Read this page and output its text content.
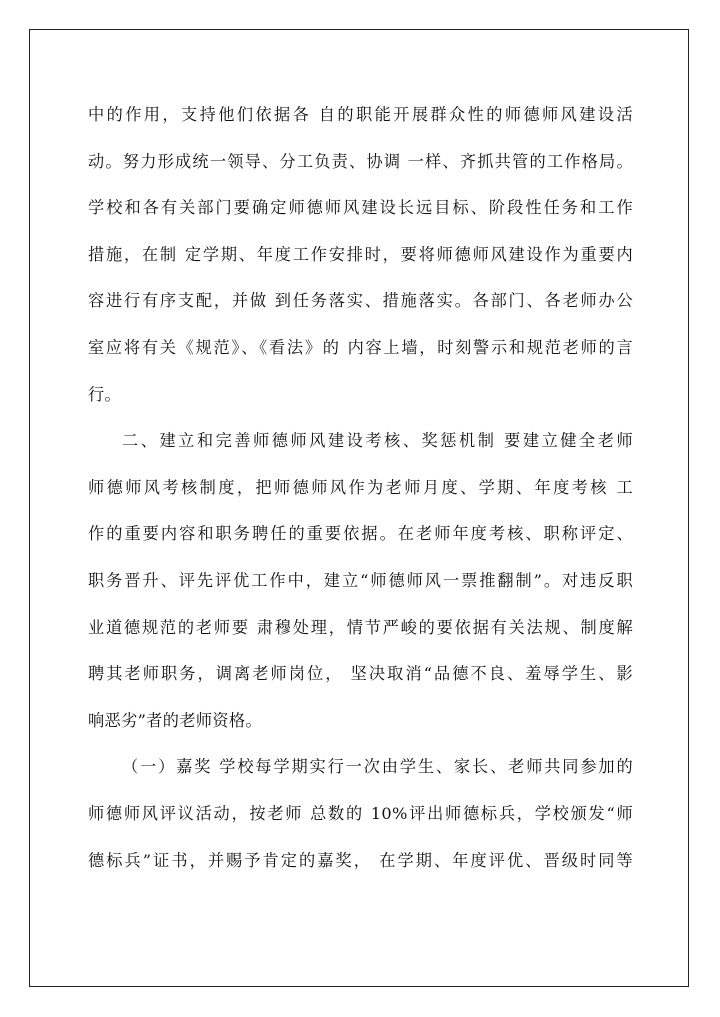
中的作用，支持他们依据各 自的职能开展群众性的师德师风建设活
动。努力形成统一领导、分工负责、协调 一样、齐抓共管的工作格局。
学校和各有关部门要确定师德师风建设长远目标、阶段性任务和工作
措施，在制 定学期、年度工作安排时，要将师德师风建设作为重要内
容进行有序支配，并做 到任务落实、措施落实。各部门、各老师办公
室应将有关《规范》、《看法》的 内容上墙，时刻警示和规范老师的言
行。
二、建立和完善师德师风建设考核、奖惩机制 要建立健全老师
师德师风考核制度，把师德师风作为老师月度、学期、年度考核 工
作的重要内容和职务聘任的重要依据。在老师年度考核、职称评定、
职务晋升、评先评优工作中，建立“师德师风一票推翻制”。对违反职
业道德规范的老师要 肃穆处理，情节严峻的要依据有关法规、制度解
聘其老师职务，调离老师岗位， 坚决取消“品德不良、羞辱学生、影
响恶劣”者的老师资格。
（一）嘉奖 学校每学期实行一次由学生、家长、老师共同参加的
师德师风评议活动，按老师 总数的 10%评出师德标兵，学校颁发“师
德标兵”证书，并赐予肯定的嘉奖， 在学期、年度评优、晋级时同等
